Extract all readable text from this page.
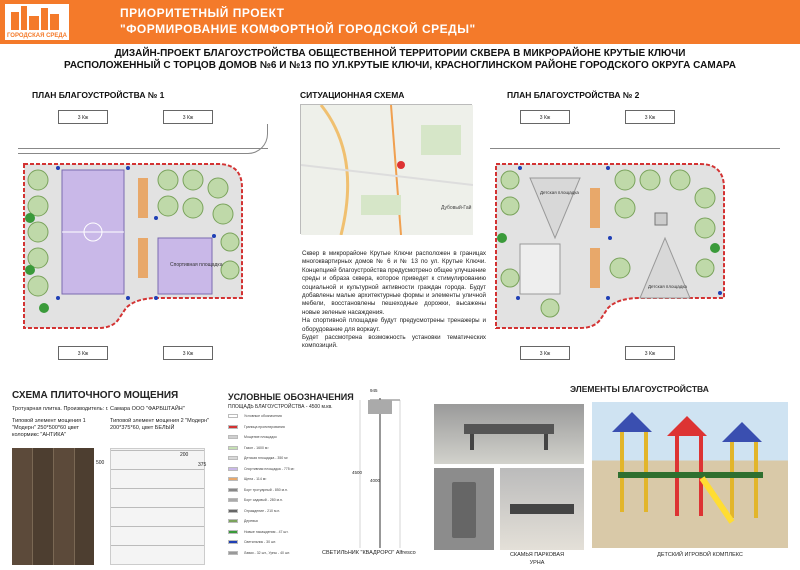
ГОРОДСКАЯ СРЕДА
ПРИОРИТЕТНЫЙ ПРОЕКТ
"ФОРМИРОВАНИЕ КОМФОРТНОЙ ГОРОДСКОЙ СРЕДЫ"
ДИЗАЙН-ПРОЕКТ БЛАГОУСТРОЙСТВА ОБЩЕСТВЕННОЙ ТЕРРИТОРИИ СКВЕРА В МИКРОРАЙОНЕ КРУТЫЕ КЛЮЧИ
РАСПОЛОЖЕННЫЙ С ТОРЦОВ ДОМОВ №6 И №13 ПО УЛ.КРУТЫЕ КЛЮЧИ, КРАСНОГЛИНСКОМ РАЙОНЕ ГОРОДСКОГО ОКРУГА САМАРА
ПЛАН БЛАГОУСТРОЙСТВА № 1
3 Кж	3 Кж
3 Кж	3 Кж
Спортивная площадка
СИТУАЦИОННАЯ СХЕМА
Дубовый-Гай
Сквер в микрорайоне Крутые Ключи расположен в границах многоквартирных домов № 6 и № 13 по ул. Крутые Ключи. Концепцией благоустройства предусмотрено общее улучшение среды и образа сквера, которое приведет к стимулированию социальной и культурной активности граждан города. Будут добавлены малые архитектурные формы и элементы уличной мебели, восстановлены пешеходные дорожки, высажены новые зеленые насаждения.
На спортивной площадке будут предусмотрены тренажеры и оборудование для воркаут.
Будет рассмотрена возможность установки тематических композиций.
ПЛАН БЛАГОУСТРОЙСТВА № 2
3 Кж	3 Кж
3 Кж	3 Кж
Детская площадка
Детская площадка
СХЕМА ПЛИТОЧНОГО МОЩЕНИЯ
Тротуарная плитка. Производитель: г. Самара ООО "ФАРБШТАЙН"
Типовой элемент мощения 1 "Модерн" 250*500*60 цвет колормикс "АНТИКА"
Типовой элемент мощения 2 "Модерн" 200*375*60, цвет БЕЛЫЙ
500
200
375
УСЛОВНЫЕ ОБОЗНАЧЕНИЯ
ПЛОЩАДЬ БЛАГОУСТРОЙСТВА - 4500 м.кв.
Условные обозначения
Граница проектирования
Мощение площадок
Газон - 1600 м²
Детская площадка - 350 м²
Спортивная площадка - 775 м²
Щепа - 114 м²
Борт тротуарный - 850 м.п.
Борт садовый - 280 м.п.
Ограждение - 210 м.п.
Деревья
Новые насаждения - 47 шт.
Светильник - 30 шт.
Лавки - 32 шт., Урны - 40 шт.
945
4500
4000
СВЕТИЛЬНИК "КВАДРОРО" Alfresco
ЭЛЕМЕНТЫ БЛАГОУСТРОЙСТВА
СКАМЬЯ ПАРКОВАЯ
УРНА
ДЕТСКИЙ ИГРОВОЙ КОМПЛЕКС
